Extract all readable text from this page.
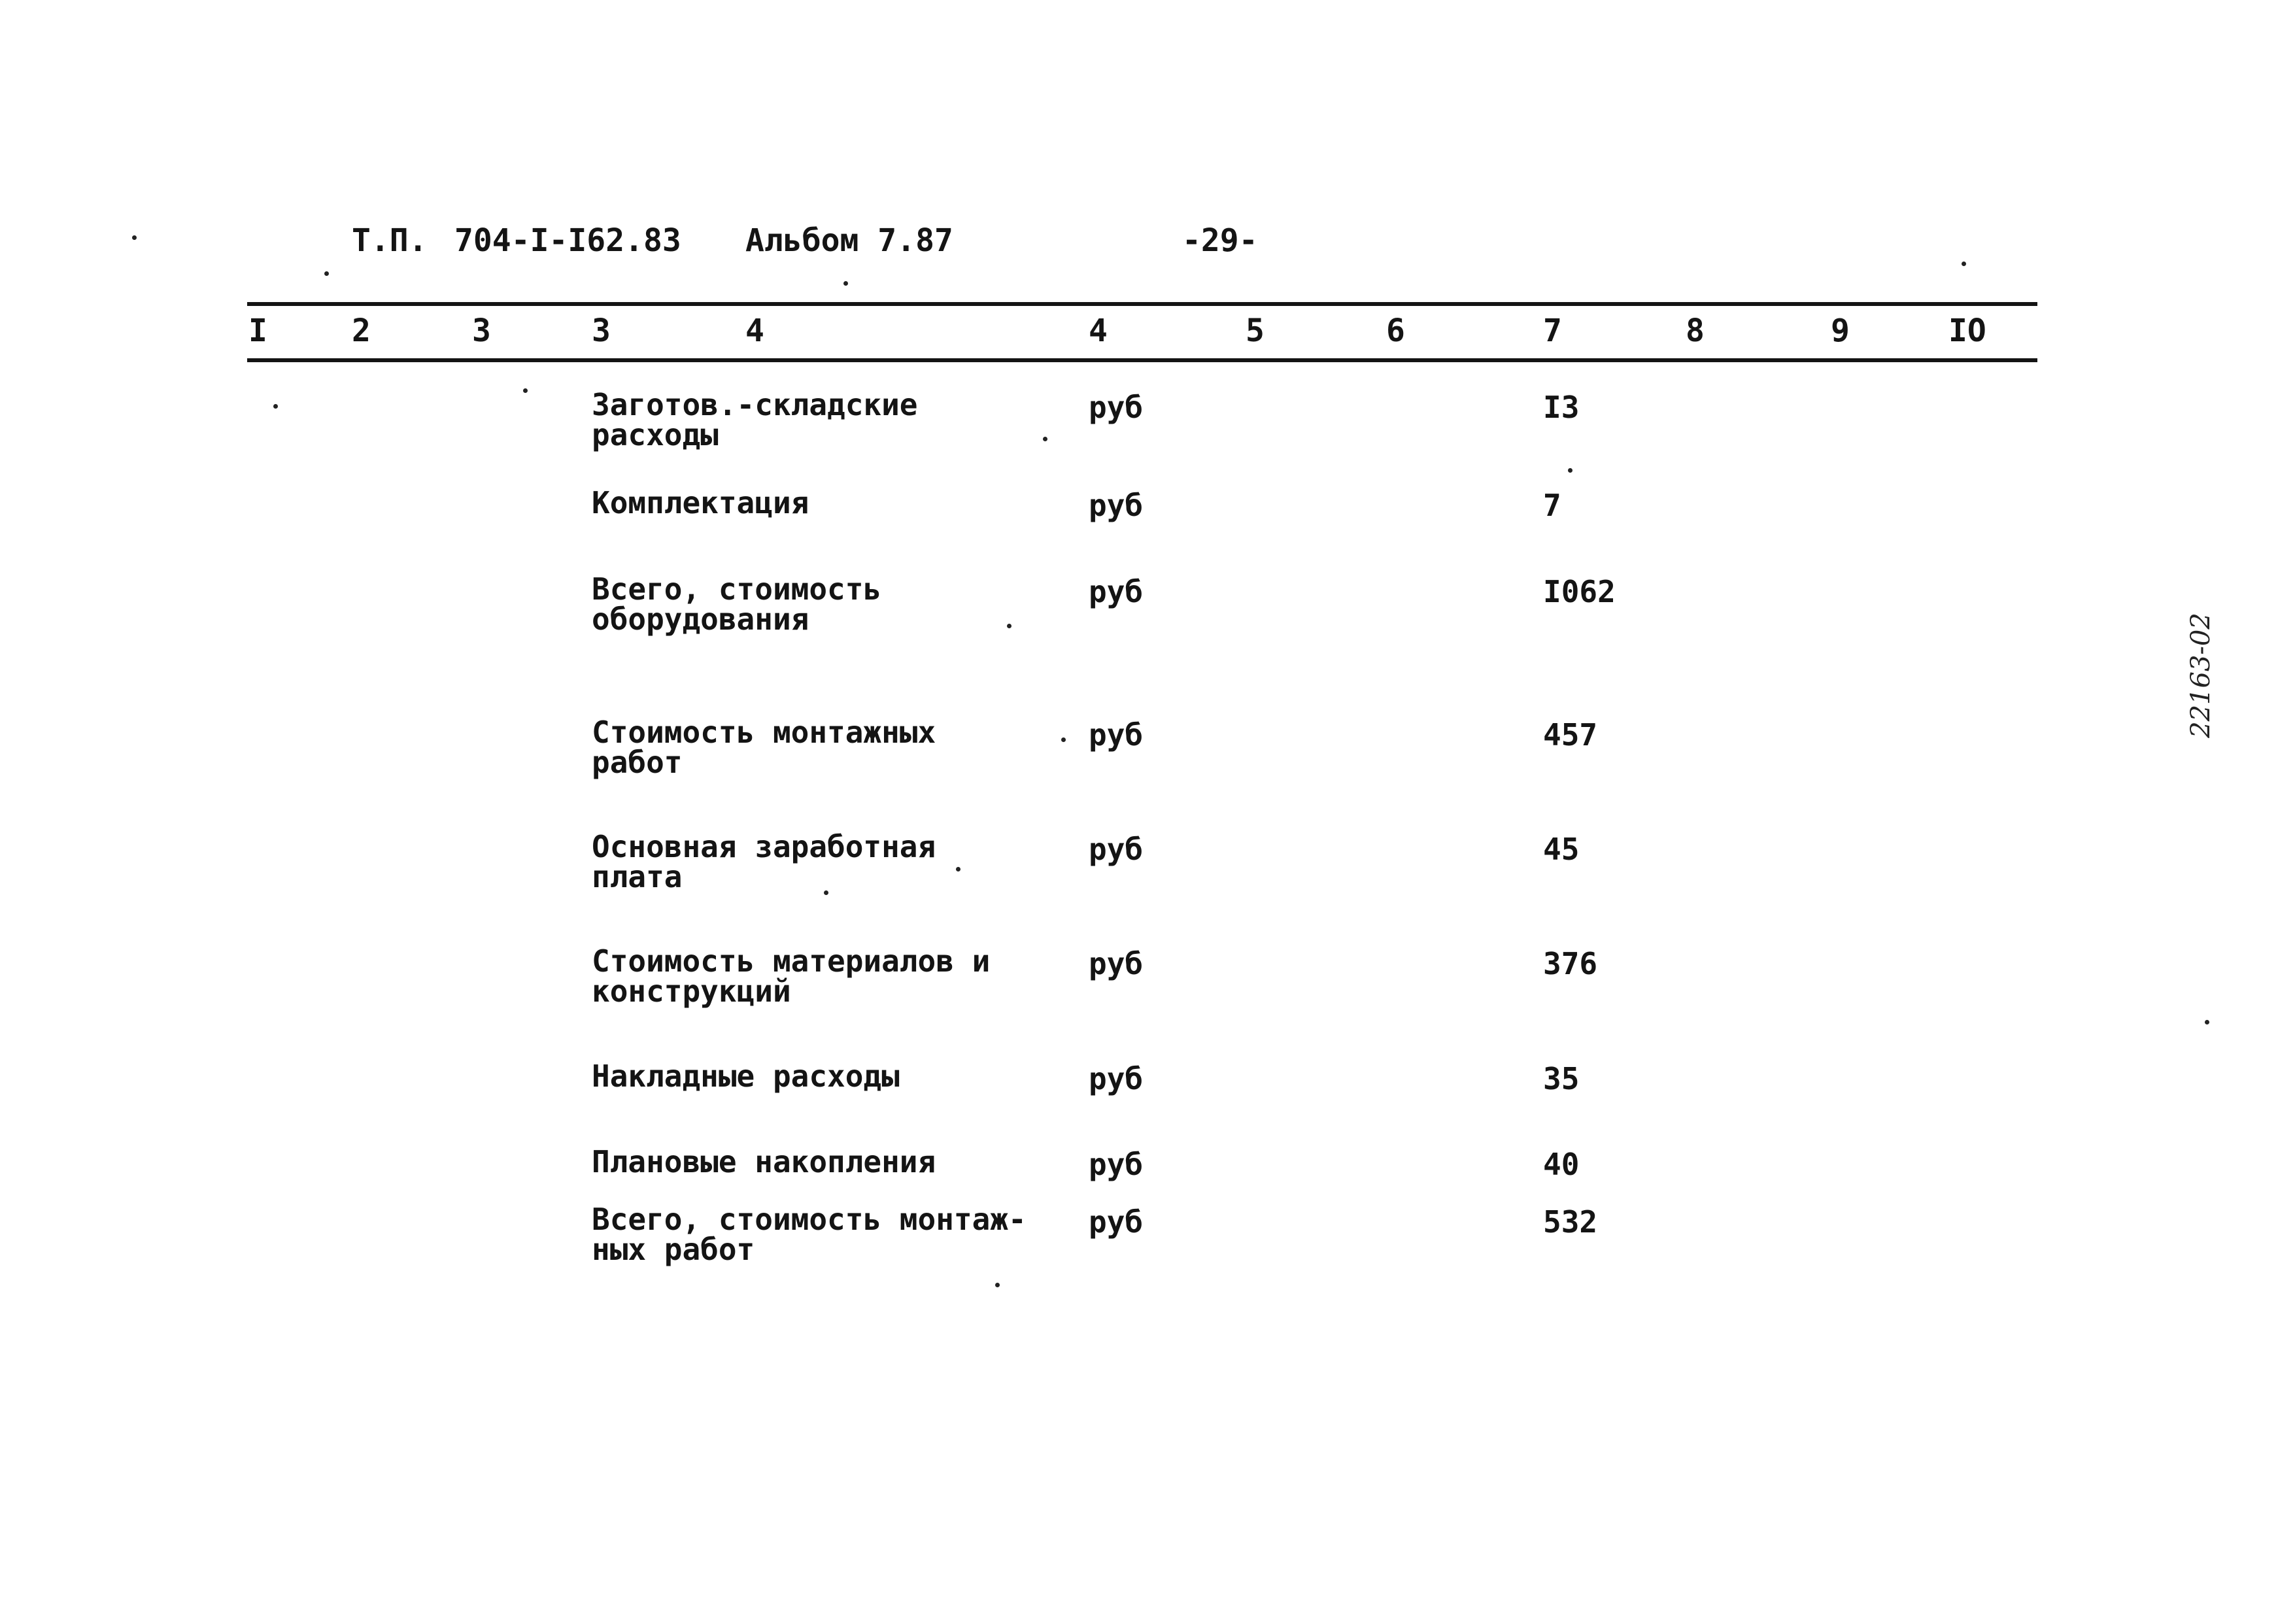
Т.П. 704-I-I62.83 Альбом 7.87	-29-
I	2	3	3	4	4	5	6	7	8	9	IO
Заготов.-складские
расходы
руб	I3
Комплектация	руб	7
Всего, стоимость
оборудования
руб	I062
Стоимость монтажных
работ
руб	457
Основная заработная
плата
руб	45
Стоимость материалов и
конструкций
руб	376
Накладные расходы	руб	35
Плановые накопления	руб	40
Всего, стоимость монтаж-
ных работ
руб	532
22163-02
